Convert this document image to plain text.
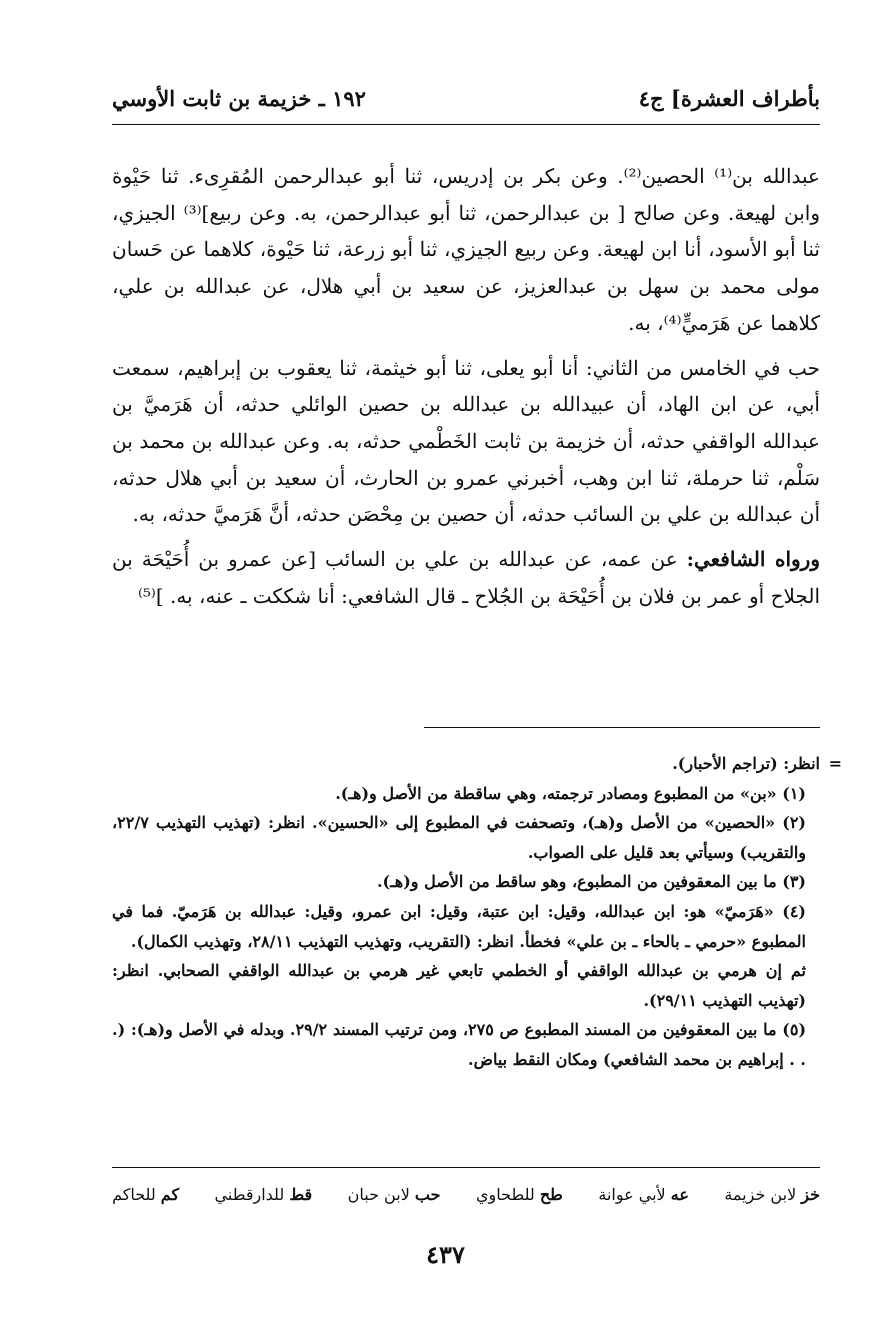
بأطراف العشرة] ج٤
١٩٢ ـ خزيمة بن ثابت الأوسي

عبدالله بن⁽¹⁾ الحصين⁽²⁾. وعن بكر بن إدريس، ثنا أبو عبدالرحمن المُقرِىء. ثنا حَيْوة وابن لهيعة. وعن صالح [ بن عبدالرحمن، ثنا أبو عبدالرحمن، به. وعن ربيع]⁽³⁾ الجيزي، ثنا أبو الأسود، أنا ابن لهيعة. وعن ربيع الجيزي، ثنا أبو زرعة، ثنا حَيْوة، كلاهما عن حَسان مولى محمد بن سهل بن عبدالعزيز، عن سعيد بن أبي هلال، عن عبدالله بن علي، كلاهما عن هَرَميٍّ⁽⁴⁾، به.

حب في الخامس من الثاني: أنا أبو يعلى، ثنا أبو خيثمة، ثنا يعقوب بن إبراهيم، سمعت أبي، عن ابن الهاد، أن عبيدالله بن عبدالله بن حصين الوائلي حدثه، أن هَرَميَّ بن عبدالله الواقفي حدثه، أن خزيمة بن ثابت الخَطْمي حدثه، به. وعن عبدالله بن محمد بن سَلْم، ثنا حرملة، ثنا ابن وهب، أخبرني عمرو بن الحارث، أن سعيد بن أبي هلال حدثه، أن عبدالله بن علي بن السائب حدثه، أن حصين بن مِحْصَن حدثه، أنَّ هَرَميَّ حدثه، به.

ورواه الشافعي: عن عمه، عن عبدالله بن علي بن السائب [عن عمرو بن أُحَيْحَة بن الجلاح أو عمر بن فلان بن أُحَيْحَة بن الجُلاح ـ قال الشافعي: أنا شككت ـ عنه، به. ]⁽⁵⁾

=
انظر: (تراجم الأحبار).

(١) «بن» من المطبوع ومصادر ترجمته، وهي ساقطة من الأصل و(هـ).

(٢) «الحصين» من الأصل و(هـ)، وتصحفت في المطبوع إلى «الحسين». انظر: (تهذيب التهذيب ٢٢/٧، والتقريب) وسيأتي بعد قليل على الصواب.

(٣) ما بين المعقوفين من المطبوع، وهو ساقط من الأصل و(هـ).

(٤) «هَرَميّ» هو: ابن عبدالله، وقيل: ابن عتبة، وقيل: ابن عمرو، وقيل: عبدالله بن هَرَميّ. فما في المطبوع «حرمي ـ بالحاء ـ بن علي» فخطأ. انظر: (التقريب، وتهذيب التهذيب ٢٨/١١، وتهذيب الكمال).

ثم إن هرمي بن عبدالله الواقفي أو الخطمي تابعي غير هرمي بن عبدالله الواقفي الصحابي. انظر: (تهذيب التهذيب ٢٩/١١).

(٥) ما بين المعقوفين من المسند المطبوع ص ٢٧٥، ومن ترتيب المسند ٢٩/٢. وبدله في الأصل و(هـ): (. . . إبراهيم بن محمد الشافعي) ومكان النقط بياض.

خز لابن خزيمة
عه لأبي عوانة
طح للطحاوي
حب لابن حبان
قط للدارقطني
كم للحاكم
٤٣٧
